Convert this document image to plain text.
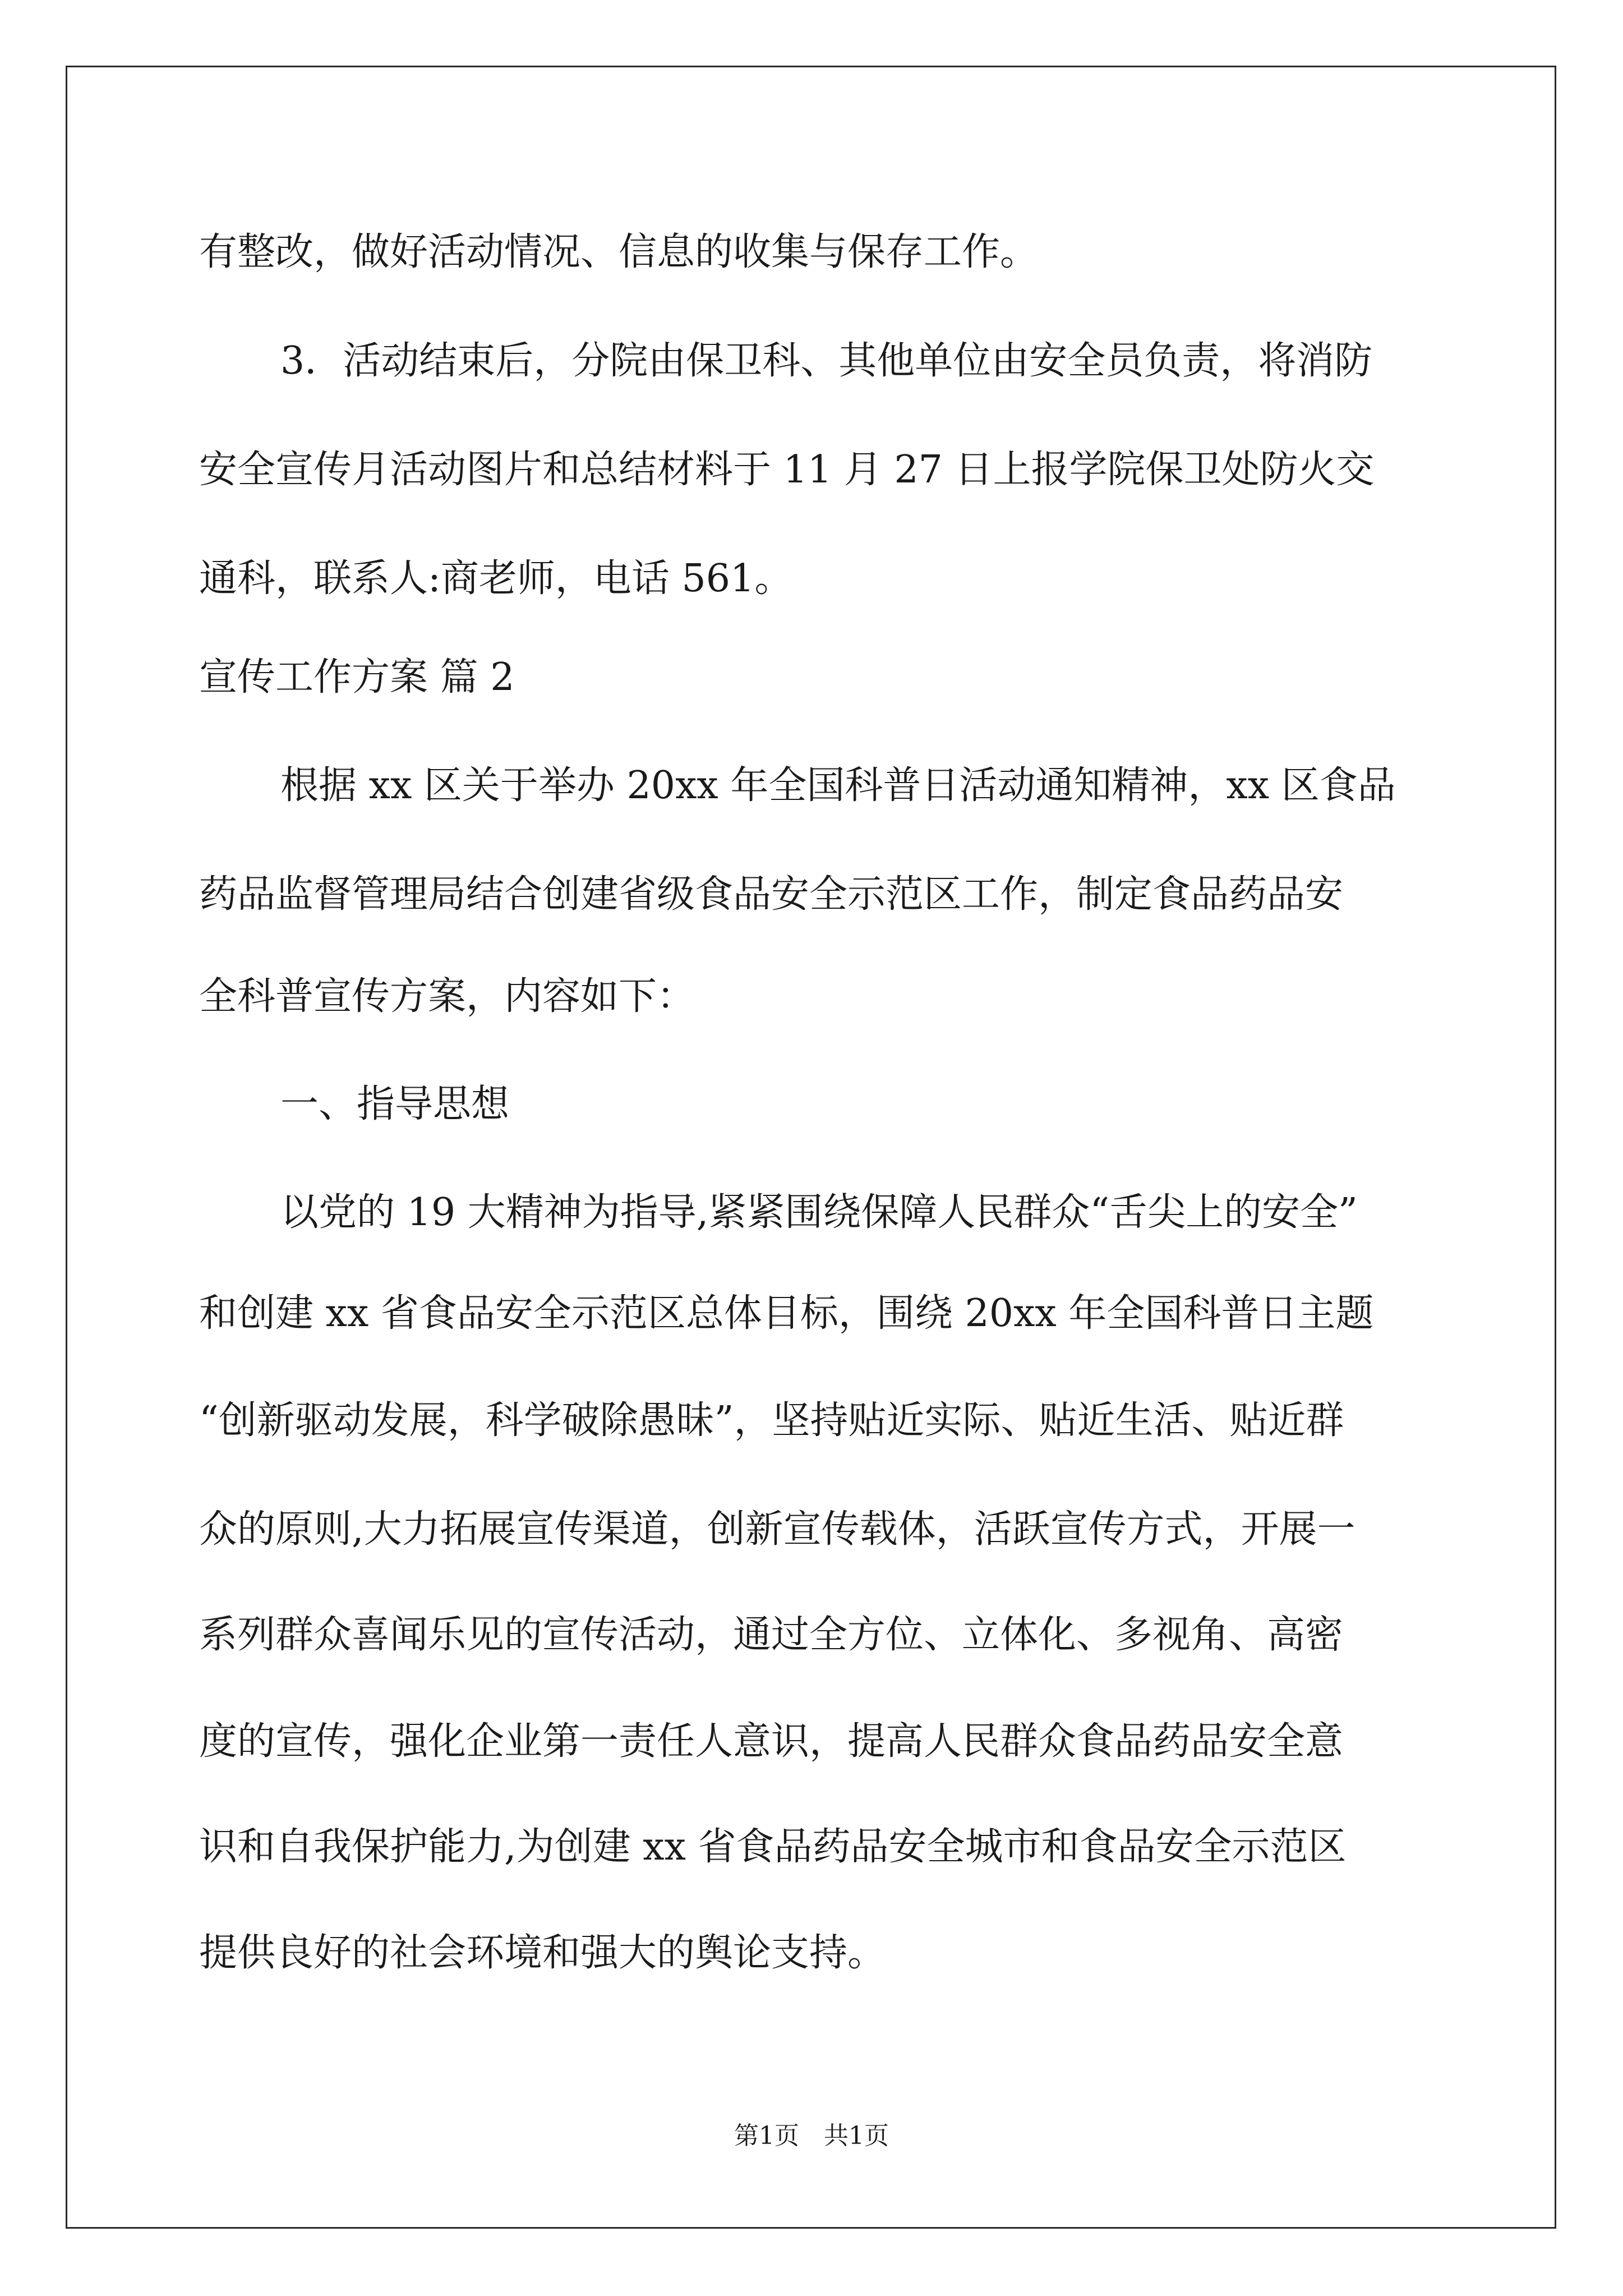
有整改，做好活动情况、信息的收集与保存工作。
3．活动结束后，分院由保卫科、其他单位由安全员负责，将消防
安全宣传月活动图片和总结材料于 11 月 27 日上报学院保卫处防火交
通科，联系人:商老师，电话 561。
宣传工作方案 篇 2
根据 xx 区关于举办 20xx 年全国科普日活动通知精神，xx 区食品
药品监督管理局结合创建省级食品安全示范区工作，制定食品药品安
全科普宣传方案，内容如下：
一、指导思想
以党的 19 大精神为指导,紧紧围绕保障人民群众“舌尖上的安全”
和创建 xx 省食品安全示范区总体目标，围绕 20xx 年全国科普日主题
“创新驱动发展，科学破除愚昧”，坚持贴近实际、贴近生活、贴近群
众的原则,大力拓展宣传渠道，创新宣传载体，活跃宣传方式，开展一
系列群众喜闻乐见的宣传活动，通过全方位、立体化、多视角、高密
度的宣传，强化企业第一责任人意识，提高人民群众食品药品安全意
识和自我保护能力,为创建 xx 省食品药品安全城市和食品安全示范区
提供良好的社会环境和强大的舆论支持。
第1页 共1页
